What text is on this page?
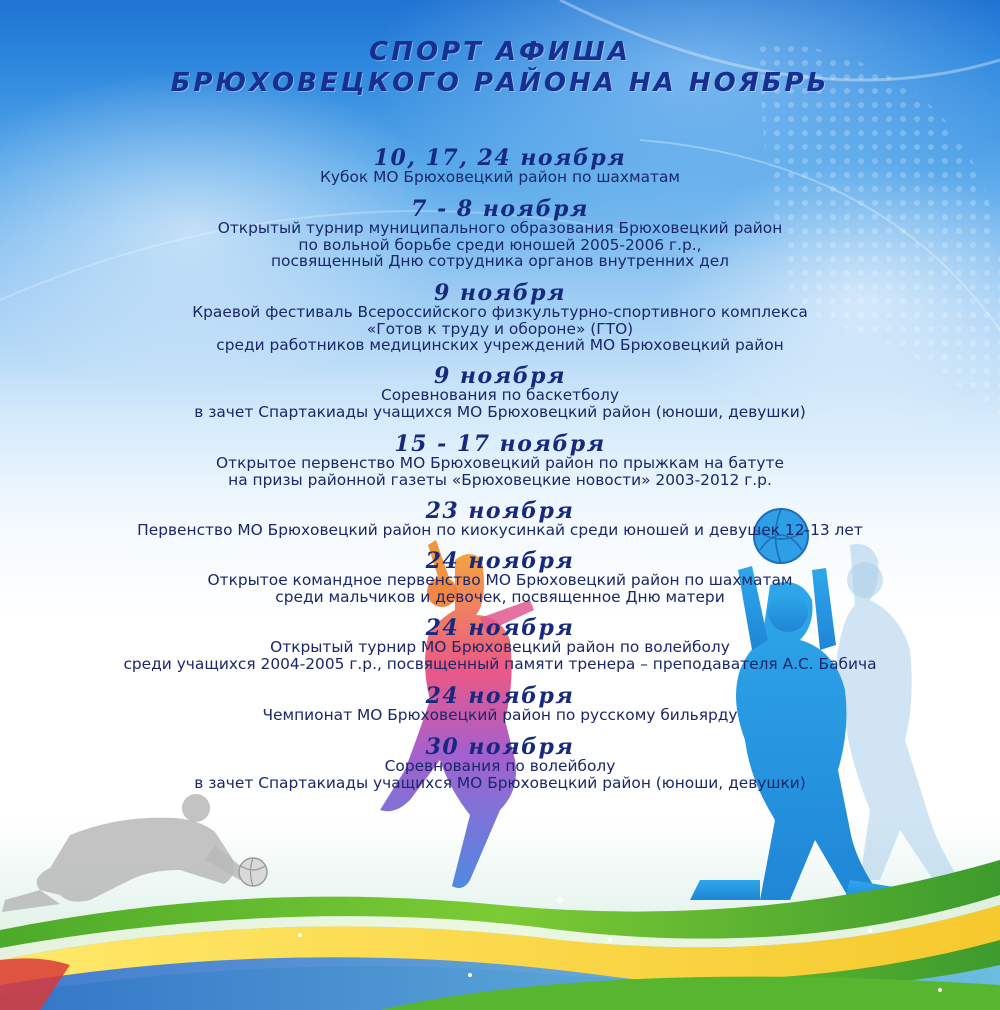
СПОРТ АФИША
БРЮХОВЕЦКОГО РАЙОНА НА НОЯБРЬ
10, 17, 24 ноября
Кубок МО Брюховецкий район по шахматам
7 - 8 ноября
Открытый турнир муниципального образования Брюховецкий район
по вольной борьбе среди юношей 2005-2006 г.р.,
посвященный Дню сотрудника органов внутренних дел
9 ноября
Краевой фестиваль Всероссийского физкультурно-спортивного комплекса
«Готов к труду и обороне» (ГТО)
среди работников медицинских учреждений МО Брюховецкий район
9 ноября
Соревнования по баскетболу
в зачет Спартакиады учащихся МО Брюховецкий район (юноши, девушки)
15 - 17 ноября
Открытое первенство МО Брюховецкий район по прыжкам на батуте
на призы районной газеты «Брюховецкие новости» 2003-2012 г.р.
23 ноября
Первенство МО Брюховецкий район по киокусинкай среди юношей и девушек 12-13 лет
24 ноября
Открытое командное первенство МО Брюховецкий район по шахматам
среди мальчиков и девочек, посвященное Дню матери
24 ноября
Открытый турнир МО Брюховецкий район по волейболу
среди учащихся 2004-2005 г.р., посвященный памяти тренера – преподавателя А.С. Бабича
24 ноября
Чемпионат МО Брюховецкий район по русскому бильярду
30 ноября
Соревнования по волейболу
в зачет Спартакиады учащихся МО Брюховецкий район (юноши, девушки)
